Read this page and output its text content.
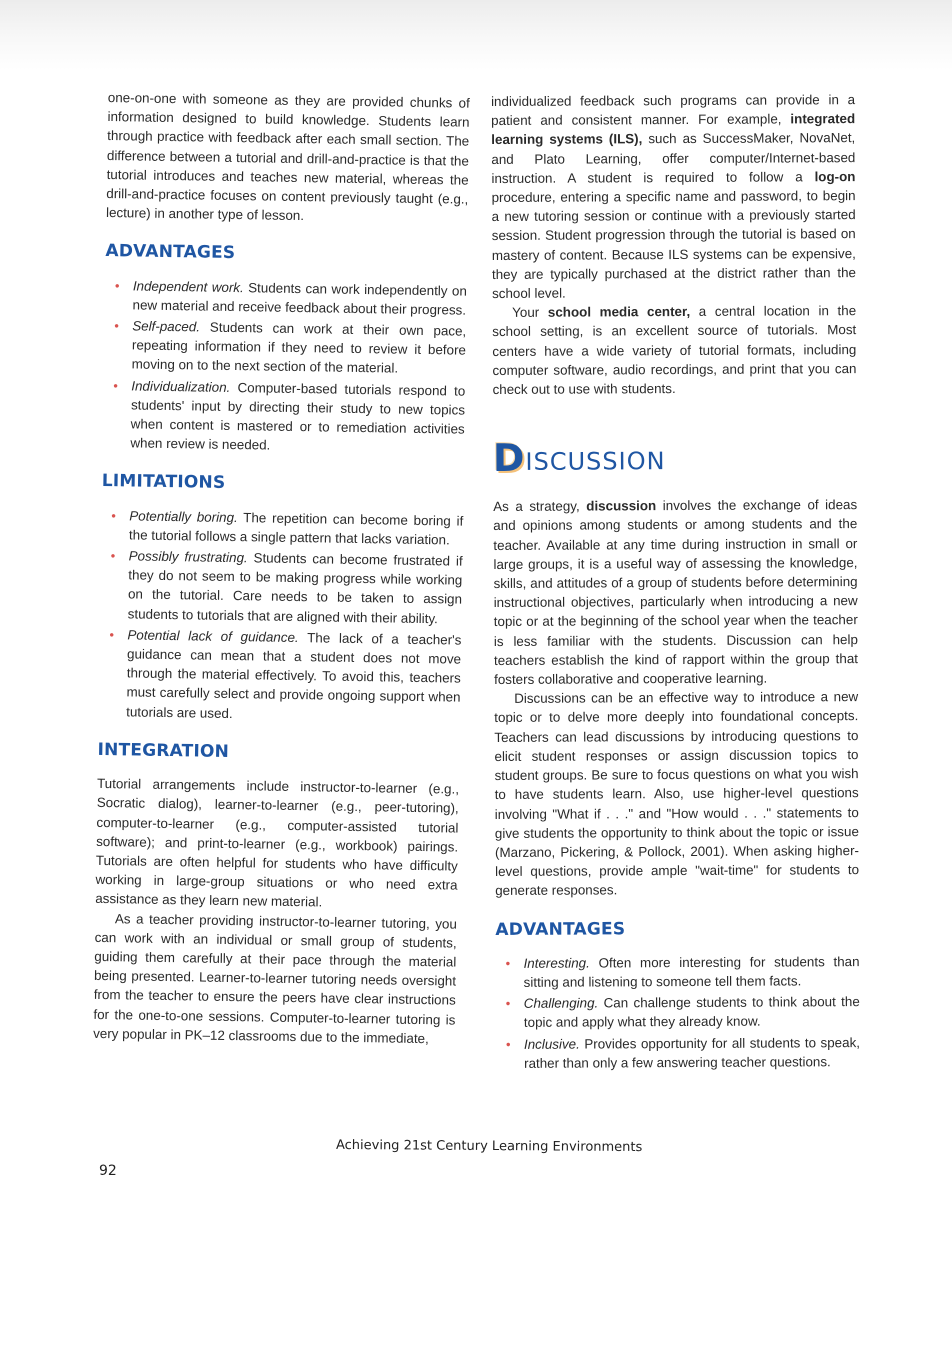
one-on-one with someone as they are provided chunks of information designed to build knowledge. Students learn through practice with feedback after each small section. The difference between a tutorial and drill-and-practice is that the tutorial introduces and teaches new material, whereas the drill-and-practice focuses on content previously taught (e.g., lecture) in another type of lesson.

ADVANTAGES
• Independent work. Students can work independently on new material and receive feedback about their progress.
• Self-paced. Students can work at their own pace, repeating information if they need to review it before moving on to the next section of the material.
• Individualization. Computer-based tutorials respond to students' input by directing their study to new topics when content is mastered or to remediation activities when review is needed.
LIMITATIONS
• Potentially boring. The repetition can become boring if the tutorial follows a single pattern that lacks variation.
• Possibly frustrating. Students can become frustrated if they do not seem to be making progress while working on the tutorial. Care needs to be taken to assign students to tutorials that are aligned with their ability.
• Potential lack of guidance. The lack of a teacher's guidance can mean that a student does not move through the material effectively. To avoid this, teachers must carefully select and provide ongoing support when tutorials are used.
INTEGRATION

Tutorial arrangements include instructor-to-learner (e.g., Socratic dialog), learner-to-learner (e.g., peer-tutoring), computer-to-learner (e.g., computer-assisted tutorial software); and print-to-learner (e.g., workbook) pairings. Tutorials are often helpful for students who have difficulty working in large-group situations or who need extra assistance as they learn new material.

As a teacher providing instructor-to-learner tutoring, you can work with an individual or small group of students, guiding them carefully at their pace through the material being presented. Learner-to-learner tutoring needs oversight from the teacher to ensure the peers have clear instructions for the one-to-one sessions. Computer-to-learner tutoring is very popular in PK–12 classrooms due to the immediate,

individualized feedback such programs can provide in a patient and consistent manner. For example, integrated learning systems (ILS), such as SuccessMaker, NovaNet, and Plato Learning, offer computer/Internet-based instruction. A student is required to follow a log-on procedure, entering a specific name and password, to begin a new tutoring session or continue with a previously started session. Student progression through the tutorial is based on mastery of content. Because ILS systems can be expensive, they are typically purchased at the district rather than the school level.

Your school media center, a central location in the school setting, is an excellent source of tutorials. Most centers have a wide variety of tutorial formats, including computer software, audio recordings, and print that you can check out to use with students.

D ISCUSSION

As a strategy, discussion involves the exchange of ideas and opinions among students or among students and the teacher. Available at any time during instruction in small or large groups, it is a useful way of assessing the knowledge, skills, and attitudes of a group of students before determining instructional objectives, particularly when introducing a new topic or at the beginning of the school year when the teacher is less familiar with the students. Discussion can help teachers establish the kind of rapport within the group that fosters collaborative and cooperative learning.

Discussions can be an effective way to introduce a new topic or to delve more deeply into foundational concepts. Teachers can lead discussions by introducing questions to elicit student responses or assign discussion topics to student groups. Be sure to focus questions on what you wish to have students learn. Also, use higher-level questions involving "What if . . ." and "How would . . ." statements to give students the opportunity to think about the topic or issue (Marzano, Pickering, & Pollock, 2001). When asking higher-level questions, provide ample "wait-time" for students to generate responses.

ADVANTAGES
• Interesting. Often more interesting for students than sitting and listening to someone tell them facts.
• Challenging. Can challenge students to think about the topic and apply what they already know.
• Inclusive. Provides opportunity for all students to speak, rather than only a few answering teacher questions.
Achieving 21st Century Learning Environments
92
